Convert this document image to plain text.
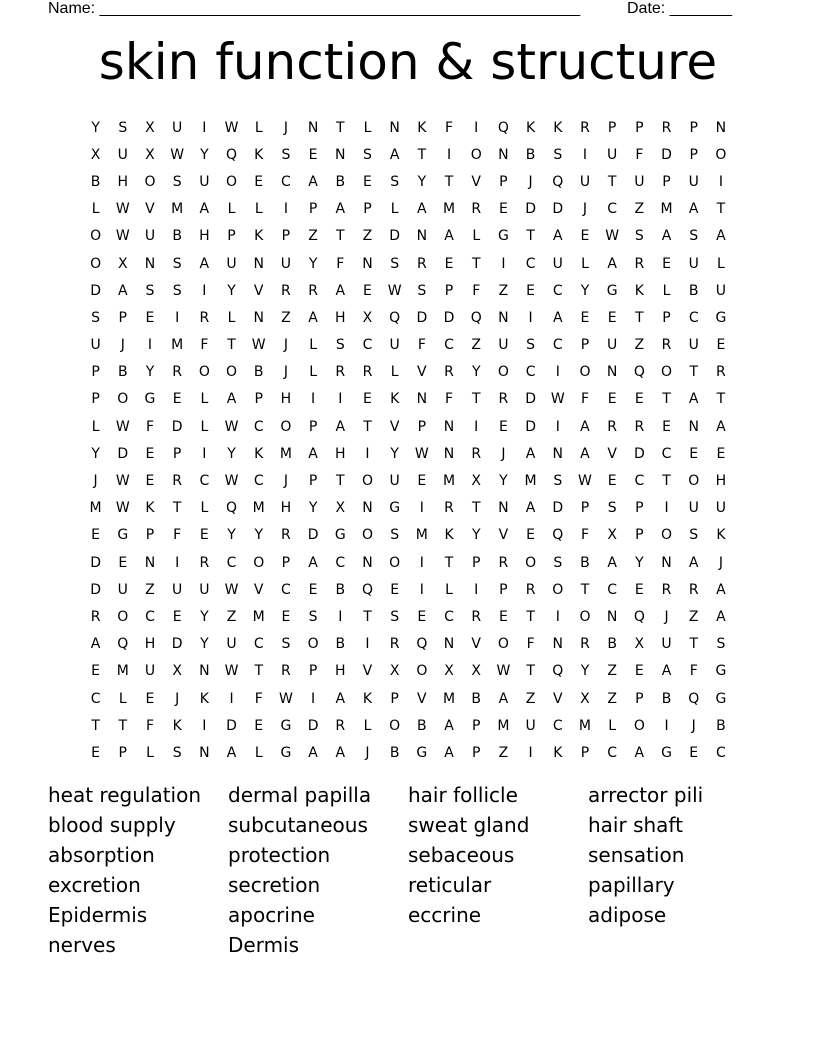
Name: ______________________________________________________	Date: _______
skin function & structure
Y	S	X	U	I	W	L	J	N	T	L	N	K	F	I	Q	K	K	R	P	P	R	P	N
X	U	X	W	Y	Q	K	S	E	N	S	A	T	I	O	N	B	S	I	U	F	D	P	O
B	H	O	S	U	O	E	C	A	B	E	S	Y	T	V	P	J	Q	U	T	U	P	U	I
L	W	V	M	A	L	L	I	P	A	P	L	A	M	R	E	D	D	J	C	Z	M	A	T
O	W	U	B	H	P	K	P	Z	T	Z	D	N	A	L	G	T	A	E	W	S	A	S	A
O	X	N	S	A	U	N	U	Y	F	N	S	R	E	T	I	C	U	L	A	R	E	U	L
D	A	S	S	I	Y	V	R	R	A	E	W	S	P	F	Z	E	C	Y	G	K	L	B	U
S	P	E	I	R	L	N	Z	A	H	X	Q	D	D	Q	N	I	A	E	E	T	P	C	G
U	J	I	M	F	T	W	J	L	S	C	U	F	C	Z	U	S	C	P	U	Z	R	U	E
P	B	Y	R	O	O	B	J	L	R	R	L	V	R	Y	O	C	I	O	N	Q	O	T	R
P	O	G	E	L	A	P	H	I	I	E	K	N	F	T	R	D	W	F	E	E	T	A	T
L	W	F	D	L	W	C	O	P	A	T	V	P	N	I	E	D	I	A	R	R	E	N	A
Y	D	E	P	I	Y	K	M	A	H	I	Y	W	N	R	J	A	N	A	V	D	C	E	E
J	W	E	R	C	W	C	J	P	T	O	U	E	M	X	Y	M	S	W	E	C	T	O	H
M	W	K	T	L	Q	M	H	Y	X	N	G	I	R	T	N	A	D	P	S	P	I	U	U
E	G	P	F	E	Y	Y	R	D	G	O	S	M	K	Y	V	E	Q	F	X	P	O	S	K
D	E	N	I	R	C	O	P	A	C	N	O	I	T	P	R	O	S	B	A	Y	N	A	J
D	U	Z	U	U	W	V	C	E	B	Q	E	I	L	I	P	R	O	T	C	E	R	R	A
R	O	C	E	Y	Z	M	E	S	I	T	S	E	C	R	E	T	I	O	N	Q	J	Z	A
A	Q	H	D	Y	U	C	S	O	B	I	R	Q	N	V	O	F	N	R	B	X	U	T	S
E	M	U	X	N	W	T	R	P	H	V	X	O	X	X	W	T	Q	Y	Z	E	A	F	G
C	L	E	J	K	I	F	W	I	A	K	P	V	M	B	A	Z	V	X	Z	P	B	Q	G
T	T	F	K	I	D	E	G	D	R	L	O	B	A	P	M	U	C	M	L	O	I	J	B
E	P	L	S	N	A	L	G	A	A	J	B	G	A	P	Z	I	K	P	C	A	G	E	C
heat regulation
blood supply
absorption
excretion
Epidermis
nerves
dermal papilla
subcutaneous
protection
secretion
apocrine
Dermis
hair follicle
sweat gland
sebaceous
reticular
eccrine
arrector pili
hair shaft
sensation
papillary
adipose
